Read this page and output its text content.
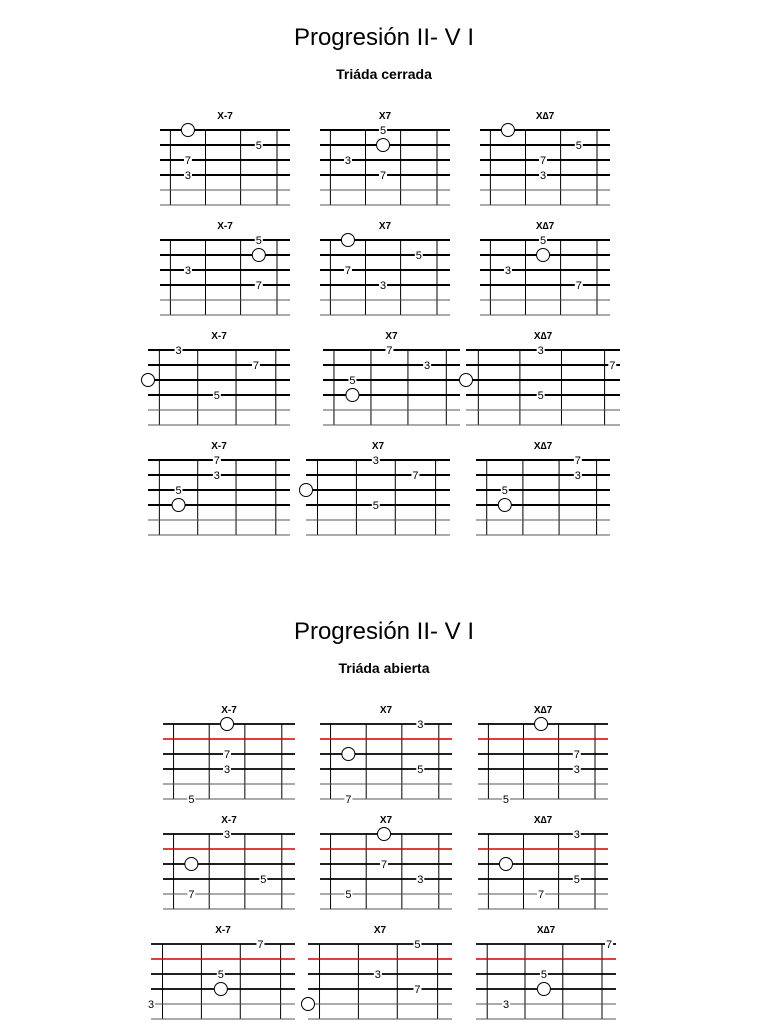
Progresión II- V I
Triáda cerrada
Progresión II- V I
Triáda abierta
X-7
5
7
3
X7
5
3
7
X∆7
5
7
3
X-7
5
3
7
X7
5
7
3
X∆7
5
3
7
X-7
3
7
5
X7
7
3
5
X∆7
3
7
5
X-7
7
3
5
X7
3
7
5
X∆7
7
3
5
X-7
7
3
5
X7
3
5
7
X∆7
7
3
5
X-7
3
5
7
X7
7
3
5
X∆7
3
5
7
X-7
7
5
3
X7
5
3
7
X∆7
7
5
3
